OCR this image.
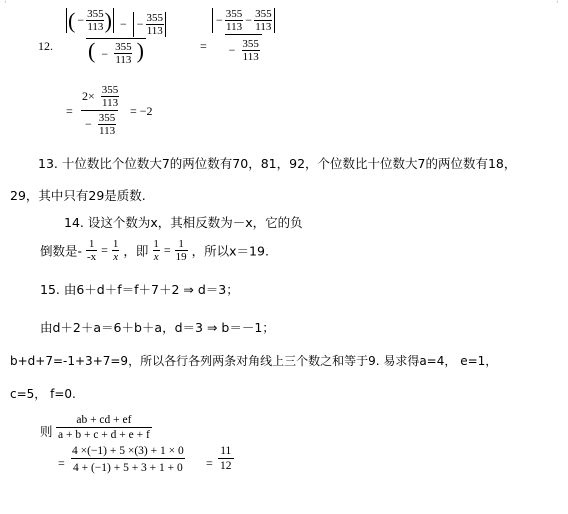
'	'
12.
( − $\frac{355}{113}$ ) − − $\frac{355}{113}$
( − $\frac{355}{113}$ )	= $\frac{- \frac{355}{113} - \frac{355}{113}}{- \frac{355}{113}}$
= $\frac{2\times \frac{355}{113}}{- \frac{355}{113}} = -2$
13. 十位数比个位数大7的两位数有70，81，92，个位数比十位数大7的两位数有18，
29，其中只有29是质数.
14. 设这个数为x，其相反数为－x，它的负
倒数是- $\frac{1}{-x} = \frac{1}{x}$ ，即 $\frac{1}{x} = \frac{1}{19}$ ，所以x＝19.
15. 由6＋d＋f＝f＋7＋2 ⇒ d＝3；
由d＋2＋a＝6＋b＋a，d＝3 ⇒ b＝－1；
b+d+7=-1+3+7=9，所以各行各列两条对角线上三个数之和等于9. 易求得a=4， e=1，
c=5， f=0.
则 $\frac{ab + cd + ef}{a + b + c + d + e + f}$
= $\frac{4 \times(-1) + 5 \times(3) + 1 \times 0}{4 + (-1) + 5 + 3 + 1 + 0} = \frac{11}{12}$
